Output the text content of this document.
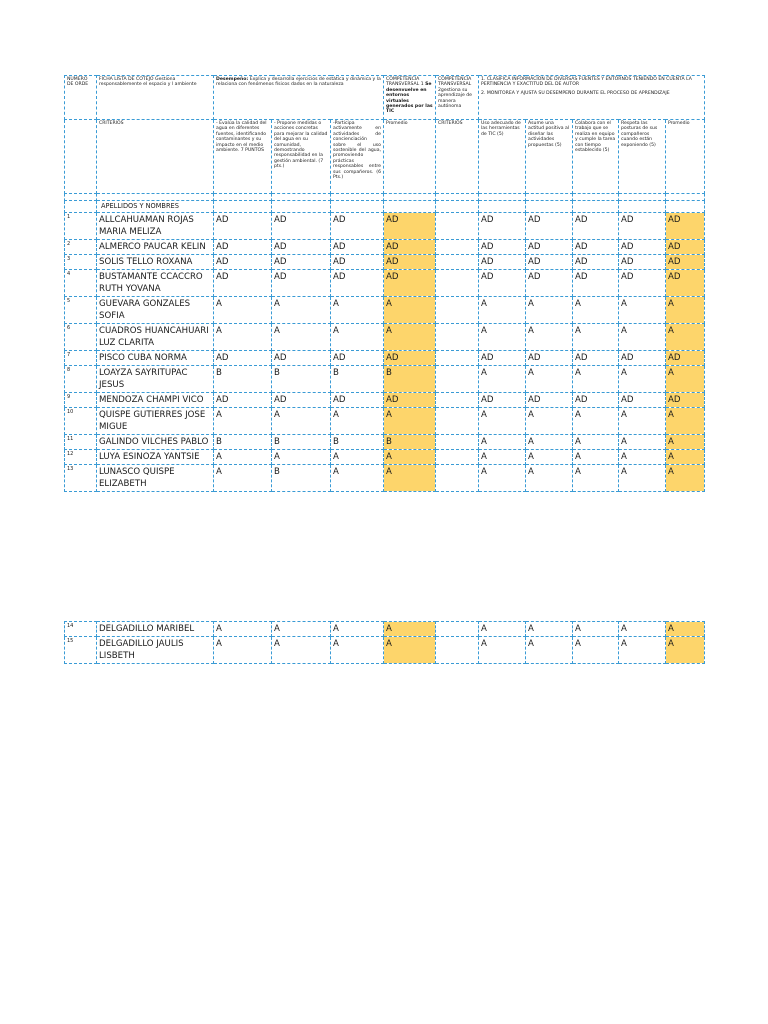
NÚMERO DE ORDE	FICHA LISTA DE COTEJO Gestiona responsablemente el espacio y l ambiente	Desempeño: Explica y desarrolla ejercicios de estática y dinámica y la relaciona con fenómenos físicos dados en la naturaleza			COMPETENCIA TRANSVERSAL 1 Se desenvuelve en entornos virtuales generados por las TIC	COMPETENCIA TRANSVERSAL 2gestiona su aprendizaje de manera autónoma	1. CLASIFICA INFORMACIÓN DE DIVERSAS FUENTES Y ENTORNOS TENIENDO EN CUENTA LA PERTINENCIA Y EXACTITUD DEL DE AUTOR
2. MONITOREA Y AJUSTA SU DESEMPEÑO DURANTE EL PROCESO DE APRENDIZAJE				

	CRITERIOS	- Evalúa la calidad del agua en diferentes fuentes, identificando contaminantes y su impacto en el medio ambiente. 7 PUNTOS	- Propone medidas o acciones concretas para mejorar la calidad del agua en su comunidad, demostrando responsabilidad en la gestión ambiental. (7 pts.)	-Participa activamente en actividades de concienciación sobre el uso sostenible del agua, promoviendo prácticas responsables entre sus compañeros. (6 Pts.)	Promedio	CRITERIOS	Uso adecuado de las herramientas de TIC (5)	Asume una actitud positiva al diseñar las actividades propuestas (5)	Colabora con el trabajo que se realiza en equipo y cumple la tarea con tiempo establecido (5)	Respeta las posturas de sus compañeros cuando están exponiendo (5)	Promedio

	APELLIDOS Y NOMBRES										
1	ALLCAHUAMAN ROJAS MARIA MELIZA	AD	AD	AD	AD		AD	AD	AD	AD	AD
2	ALMERCO PAUCAR KELIN	AD	AD	AD	AD		AD	AD	AD	AD	AD
3	SOLIS TELLO ROXANA	AD	AD	AD	AD		AD	AD	AD	AD	AD
4	BUSTAMANTE CCACCRO RUTH YOVANA	AD	AD	AD	AD		AD	AD	AD	AD	AD
5	GUEVARA GONZALES SOFIA	A	A	A	A		A	A	A	A	A
6	CUADROS HUANCAHUARI LUZ CLARITA	A	A	A	A		A	A	A	A	A
7	PISCO CUBA NORMA	AD	AD	AD	AD		AD	AD	AD	AD	AD
8	LOAYZA SAYRITUPAC JESUS	B	B	B	B		A	A	A	A	A
9	MENDOZA CHAMPI VICO	AD	AD	AD	AD		AD	AD	AD	AD	AD
10	QUISPE GUTIERRES JOSE MIGUE	A	A	A	A		A	A	A	A	A
11	GALINDO VILCHES PABLO	B	B	B	B		A	A	A	A	A
12	LUYA ESINOZA YANTSIE	A	A	A	A		A	A	A	A	A
13	LUNASCO QUISPE ELIZABETH	A	B	A	A		A	A	A	A	A
14	DELGADILLO MARIBEL	A	A	A	A		A	A	A	A	A
15	DELGADILLO JAULIS LISBETH	A	A	A	A		A	A	A	A	A
